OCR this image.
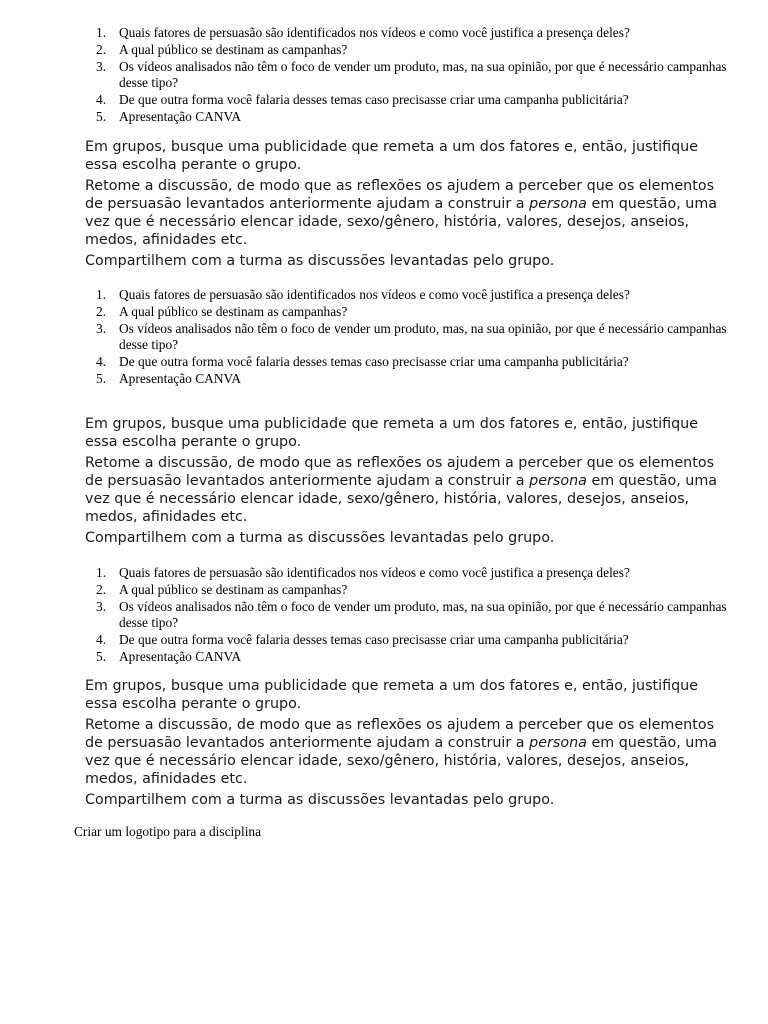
1. Quais fatores de persuasão são identificados nos vídeos e como você justifica a presença deles?
2. A qual público se destinam as campanhas?
3. Os vídeos analisados não têm o foco de vender um produto, mas, na sua opinião, por que é necessário campanhas desse tipo?
4. De que outra forma você falaria desses temas caso precisasse criar uma campanha publicitária?
5. Apresentação CANVA

Em grupos, busque uma publicidade que remeta a um dos fatores e, então, justifique essa escolha perante o grupo.

Retome a discussão, de modo que as reflexões os ajudem a perceber que os elementos de persuasão levantados anteriormente ajudam a construir a persona em questão, uma vez que é necessário elencar idade, sexo/gênero, história, valores, desejos, anseios, medos, afinidades etc.

Compartilhem com a turma as discussões levantadas pelo grupo.

1. Quais fatores de persuasão são identificados nos vídeos e como você justifica a presença deles?
2. A qual público se destinam as campanhas?
3. Os vídeos analisados não têm o foco de vender um produto, mas, na sua opinião, por que é necessário campanhas desse tipo?
4. De que outra forma você falaria desses temas caso precisasse criar uma campanha publicitária?
5. Apresentação CANVA

Em grupos, busque uma publicidade que remeta a um dos fatores e, então, justifique essa escolha perante o grupo.

Retome a discussão, de modo que as reflexões os ajudem a perceber que os elementos de persuasão levantados anteriormente ajudam a construir a persona em questão, uma vez que é necessário elencar idade, sexo/gênero, história, valores, desejos, anseios, medos, afinidades etc.

Compartilhem com a turma as discussões levantadas pelo grupo.

1. Quais fatores de persuasão são identificados nos vídeos e como você justifica a presença deles?
2. A qual público se destinam as campanhas?
3. Os vídeos analisados não têm o foco de vender um produto, mas, na sua opinião, por que é necessário campanhas desse tipo?
4. De que outra forma você falaria desses temas caso precisasse criar uma campanha publicitária?
5. Apresentação CANVA

Em grupos, busque uma publicidade que remeta a um dos fatores e, então, justifique essa escolha perante o grupo.

Retome a discussão, de modo que as reflexões os ajudem a perceber que os elementos de persuasão levantados anteriormente ajudam a construir a persona em questão, uma vez que é necessário elencar idade, sexo/gênero, história, valores, desejos, anseios, medos, afinidades etc.

Compartilhem com a turma as discussões levantadas pelo grupo.

Criar um logotipo para a disciplina
